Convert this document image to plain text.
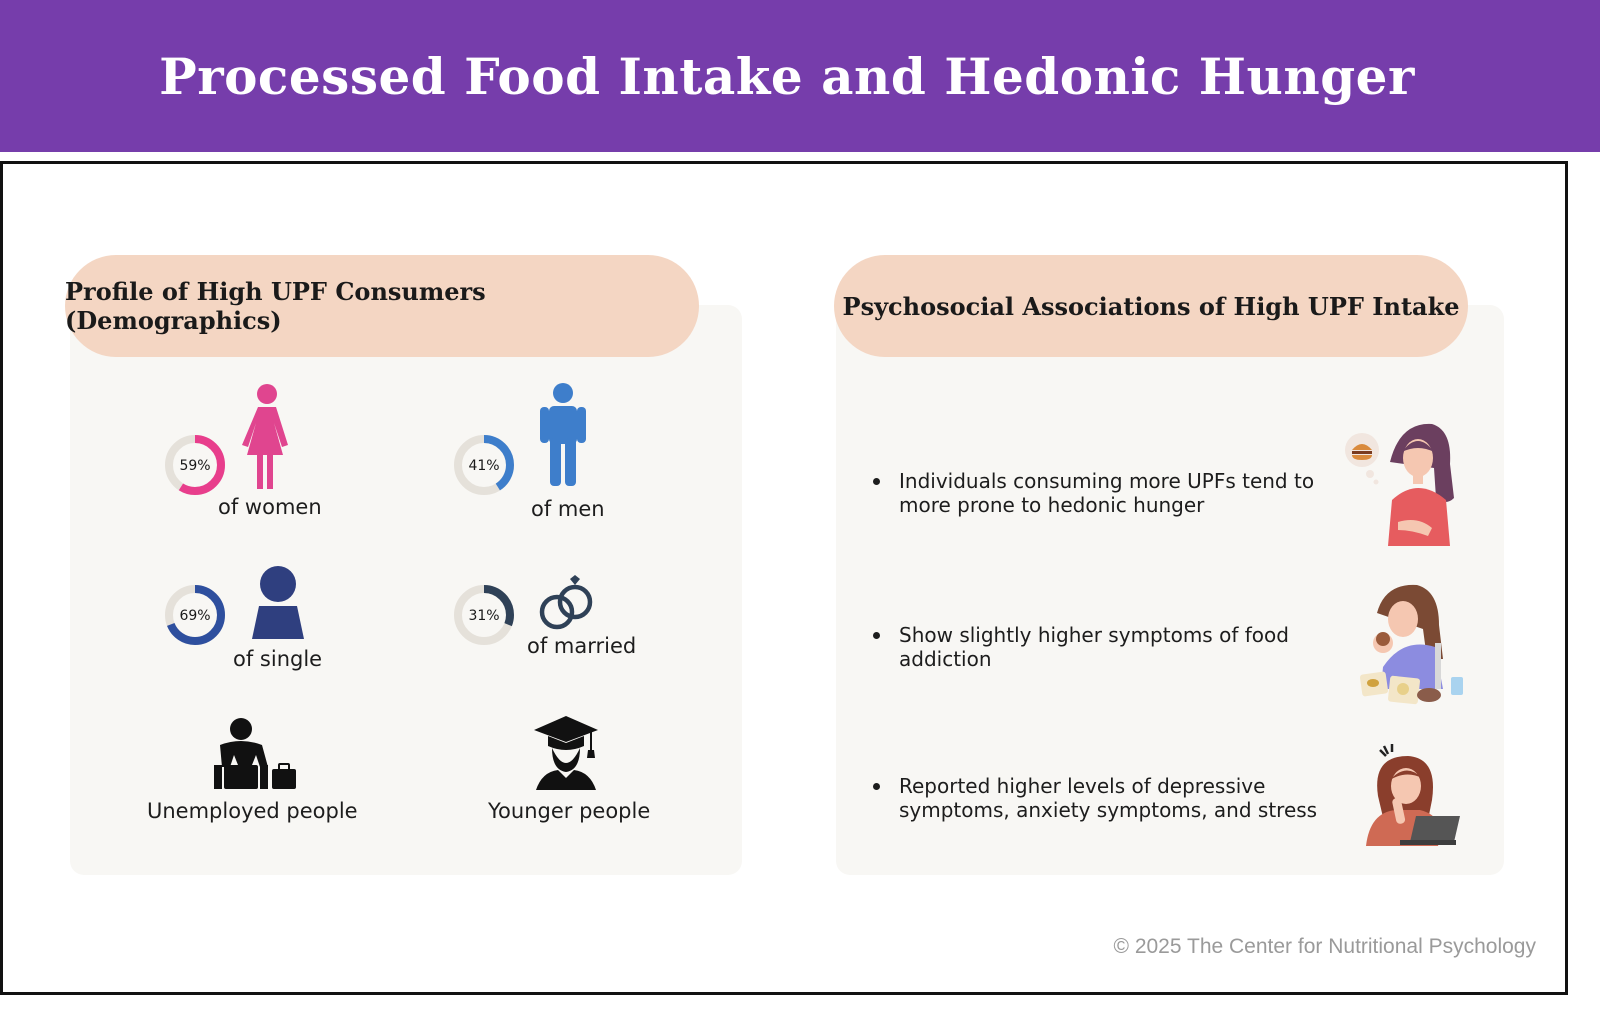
Processed Food Intake and Hedonic Hunger
Profile of High UPF Consumers (Demographics)
59%	41%
69%	31%
of women	of men
of single
of married
Unemployed people	Younger people
Psychosocial Associations of High UPF Intake
Individuals consuming more UPFs tend to more prone to hedonic hunger
Show slightly higher symptoms of food addiction
Reported higher levels of depressive symptoms, anxiety symptoms, and stress
© 2025 The Center for Nutritional Psychology
